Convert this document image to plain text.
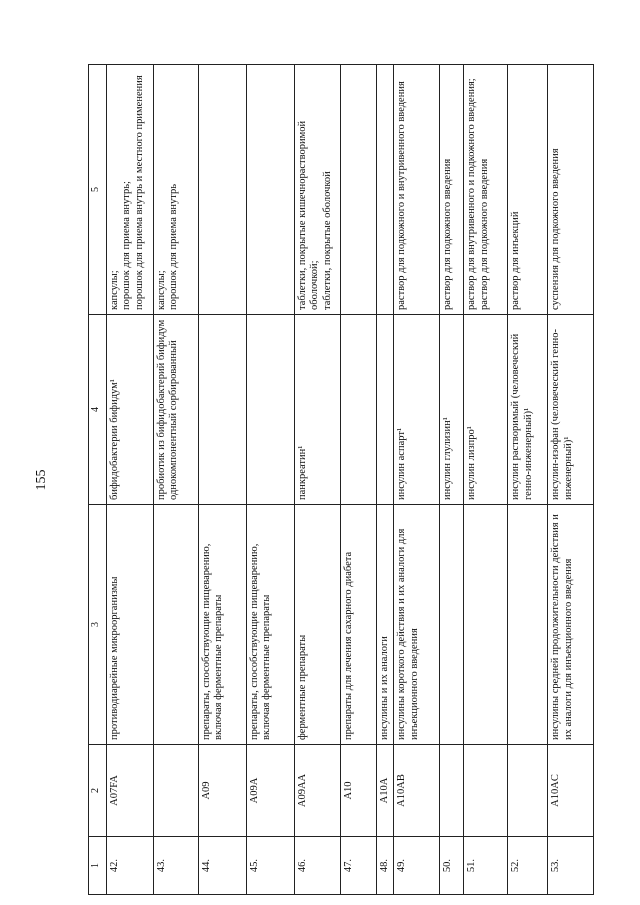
155
1	2	3	4	5
42.	A07FA	противодиарейные микроорганизмы	бифидобактерии бифидум¹	капсулы;
порошок для приема внутрь;
порошок для приема внутрь и местного применения
43.			пробиотик из бифидобактерий бифидум однокомпонентный сорбированный	капсулы;
порошок для приема внутрь
44.	A09	препараты, способствующие пищеварению, включая ферментные препараты		
45.	A09A	препараты, способствующие пищеварению, включая ферментные препараты		
46.	A09AA	ферментные препараты	панкреатин¹	таблетки, покрытые кишечнорастворимой оболочкой;
таблетки, покрытые оболочкой
47.	A10	препараты для лечения сахарного диабета		
48.	A10A	инсулины и их аналоги		
49.	A10AB	инсулины короткого действия и их аналоги для инъекционного введения	инсулин аспарт¹	раствор для подкожного и внутривенного введения
50.			инсулин глулизин¹	раствор для подкожного введения
51.			инсулин лизпро¹	раствор для внутривенного и подкожного введения; раствор для подкожного введения
52.			инсулин растворимый (человеческий генно-инженерный)¹	раствор для инъекций
53.	A10AC	инсулины средней продолжительности действия и их аналоги для инъекционного введения	инсулин-изофан (человеческий генно-инженерный)¹	суспензия для подкожного введения
